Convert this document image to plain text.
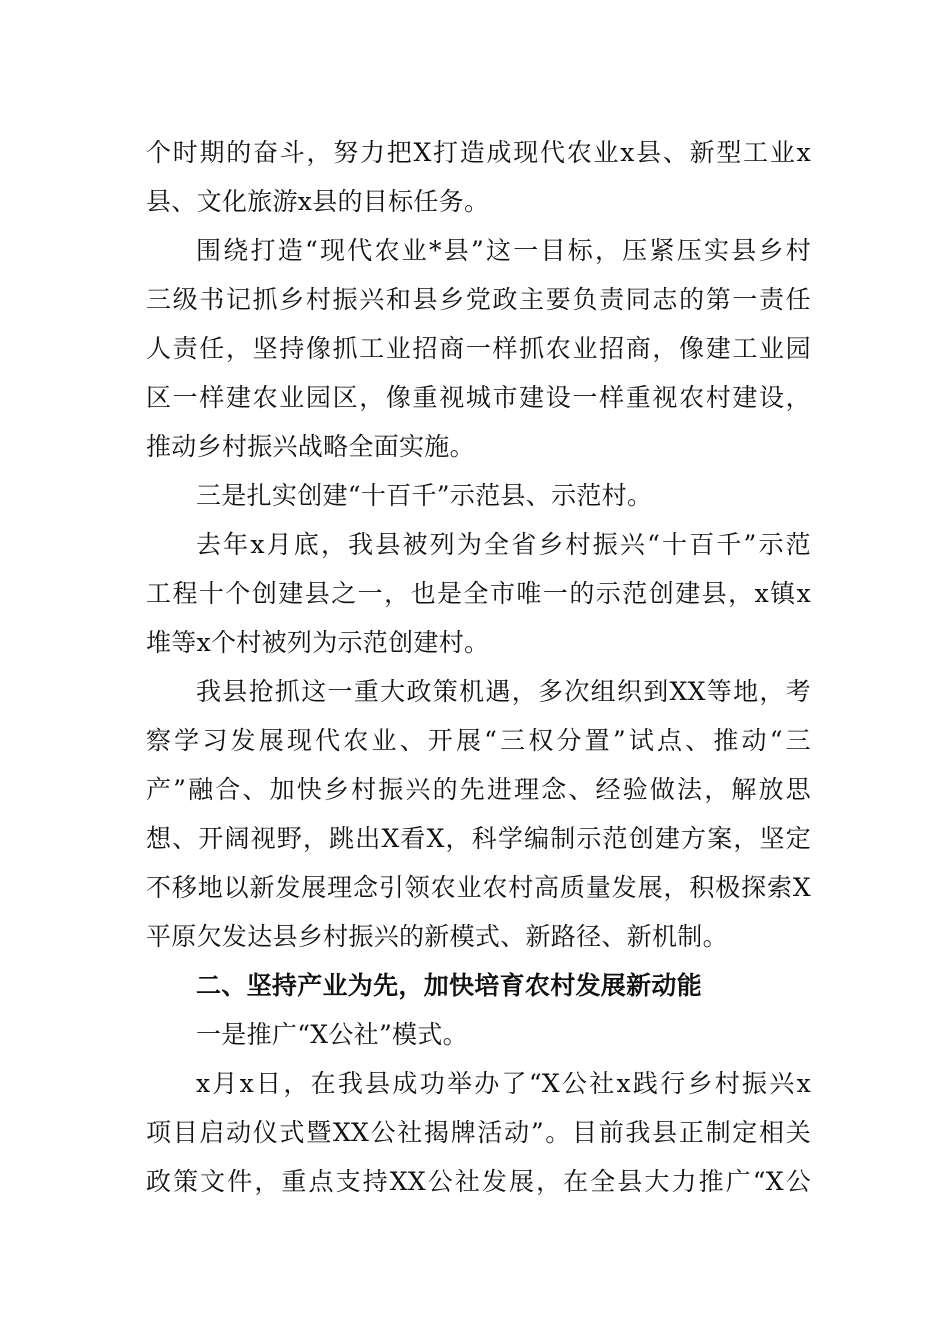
个时期的奋斗，努力把X打造成现代农业x县、新型工业x
县、文化旅游x县的目标任务。
围绕打造“现代农业*县”这一目标，压紧压实县乡村
三级书记抓乡村振兴和县乡党政主要负责同志的第一责任
人责任，坚持像抓工业招商一样抓农业招商，像建工业园
区一样建农业园区，像重视城市建设一样重视农村建设，
推动乡村振兴战略全面实施。
三是扎实创建“十百千”示范县、示范村。
去年x月底，我县被列为全省乡村振兴“十百千”示范
工程十个创建县之一，也是全市唯一的示范创建县，x镇x
堆等x个村被列为示范创建村。
我县抢抓这一重大政策机遇，多次组织到XX等地，考
察学习发展现代农业、开展“三权分置”试点、推动“三
产”融合、加快乡村振兴的先进理念、经验做法，解放思
想、开阔视野，跳出X看X，科学编制示范创建方案，坚定
不移地以新发展理念引领农业农村高质量发展，积极探索X
平原欠发达县乡村振兴的新模式、新路径、新机制。
二、坚持产业为先，加快培育农村发展新动能
一是推广“X公社”模式。
x月x日，在我县成功举办了“X公社x践行乡村振兴x
项目启动仪式暨XX公社揭牌活动”。目前我县正制定相关
政策文件，重点支持XX公社发展，在全县大力推广“X公
